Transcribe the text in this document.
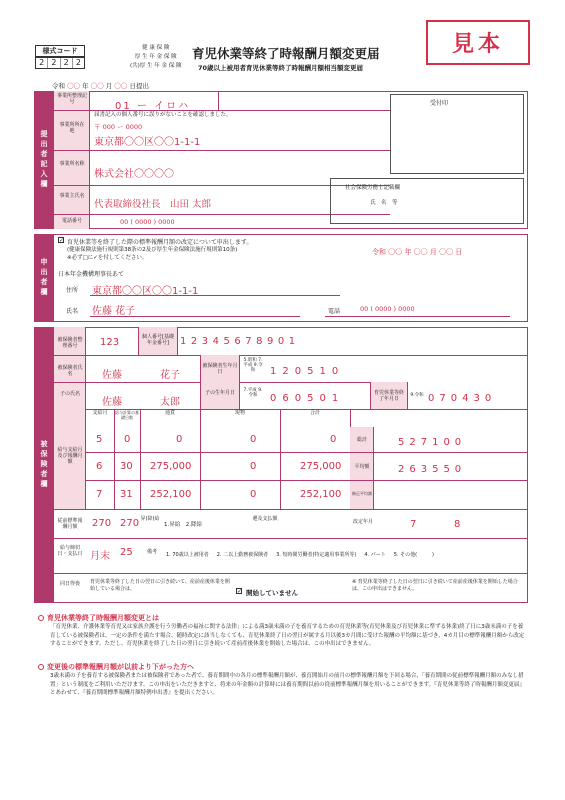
様式コード
2 2 2 2
健 康 保 険
厚 生 年 金 保 険
(共)厚 生 年 金 保 険
育児休業等終了時報酬月額変更届
70歳以上被用者育児休業等終了時報酬月額相当額変更届
見本
令和 〇〇 年 〇〇 月 〇〇 日提出
提出者記入欄
事業所整理記号	01 ー イロハ	受付印
事業所所在地
届書記入の個人番号に誤りがないことを確認しました。
〒 000 ー 0000
東京都〇〇区〇〇1-1-1
事業所名称
株式会社〇〇〇〇
事業主氏名
代表取締役社長　山田 太郎
電話番号	00 ( 0000 ) 0000
社会保険労務士記載欄
氏　名　等
申出者欄
✓ 育児休業等を終了した際の標準報酬月額の改定について申出します。
(健康保険法施行規則第38条の2及び厚生年金保険法施行規則第10条)
※必ず□に✓を付してください。
令和 〇〇 年 〇〇 月 〇〇 日
日本年金機構理事長あて
住所 東京都〇〇区〇〇1-1-1
氏名 佐藤 花子	電話	00 ( 0000 ) 0000
被保険者欄
被保険者整理番号	123	個人番号[基礎年金番号]	1 2 3 4 5 6 7 8 9 0 1
被保険者氏名	佐藤	花子
被保険者生年月日
5.昭和 7.平成 9.令和	1 2 0 5 1 0
子の氏名
佐藤	太郎
子の生年月日	7.平成 9.令和	0 6 0 5 0 1	育児休業等終了年月日
9.令和 0 7 0 4 3 0
支給月	給与計算の基礎日数
通貨	現物	合計
給与支給月及び報酬月額
5 0	0	0	0
6 30 275,000	0	275,000
7 31 252,100	0	252,100
総計	527100
平均額	263550
修正平均額
従前標準報酬月額	270 270 昇(降)給
1.昇給　2.降給
遡及支払額	改定年月	7	8
給与締切日・支払日 月末 25	備考	1. 70歳以上被用者 2. 二以上勤務被保険者 3. 短時間労働者(特定適用事業所等) 4. パート 5. その他(　　　)
同日得喪	育児休業等終了した日の翌日に引き続いて、産前産後休業を開始している場合は、	✓ 開始していません
※ 育児休業等終了した日の翌日に引き続いて産前産後休業を開始した場合は、この申出はできません。
育児休業等終了時報酬月額変更とは
「育児休業、介護休業等育児又は家族介護を行う労働者の福祉に関する法律」による満3歳未満の子を養育するための育児休業等(育児休業及び育児休業に準ずる休業)終了日に3歳未満の子を養育している被保険者は、一定の条件を満たす場合、随時改定に該当しなくても、育児休業終了日の翌日が属する月以後3カ月間に受けた報酬の平均額に基づき、4カ月目の標準報酬月額から改定することができます。ただし、育児休業を終了した日の翌日に引き続いて産前産後休業を開始した場合は、この申出はできません。
変更後の標準報酬月額が以前より下がった方へ
3歳未満の子を養育する被保険者または被保険者であった者で、養育期間中の各月の標準報酬月額が、養育開始月の前月の標準報酬月額を下回る場合、「養育期間の従前標準報酬月額のみなし措置」という制度をご利用いただけます。この申出をいただきますと、将来の年金額の計算時には養育期間以前の従前標準報酬月額を用いることができます。『育児休業等終了時報酬月額変更届』とあわせて、『養育期間標準報酬月額特例申出書』を提出ください。
